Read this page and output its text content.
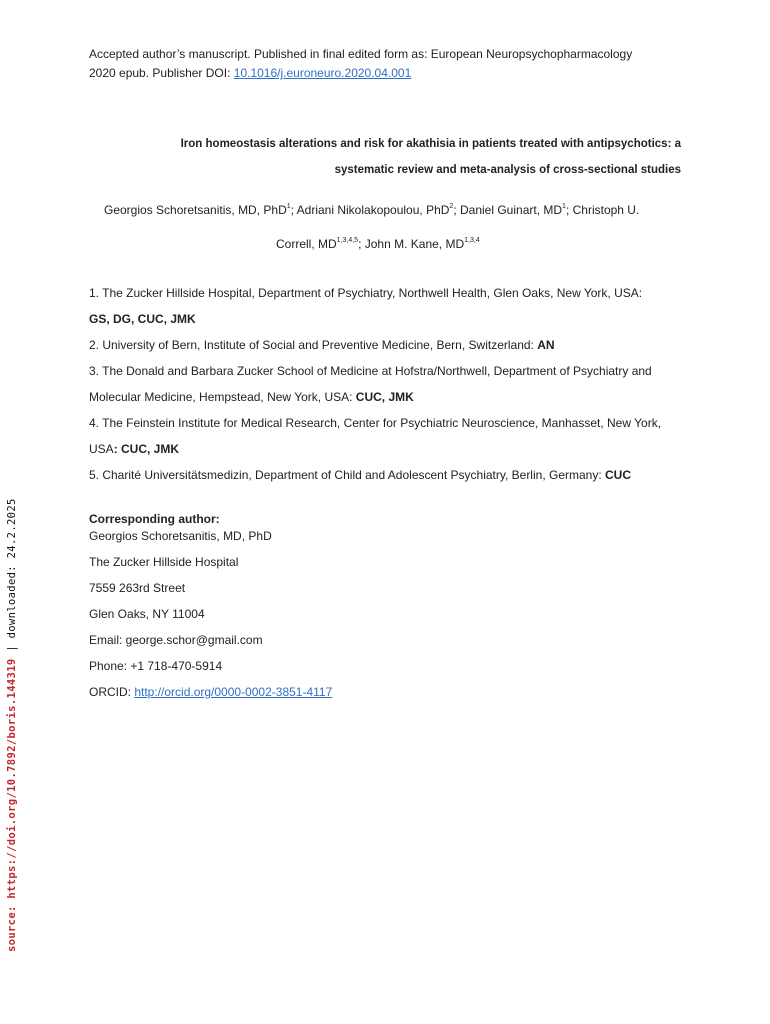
Accepted author’s manuscript. Published in final edited form as: European Neuropsychopharmacology
2020 epub. Publisher DOI: 10.1016/j.euroneuro.2020.04.001
Iron homeostasis alterations and risk for akathisia in patients treated with antipsychotics: a
systematic review and meta-analysis of cross-sectional studies
Georgios Schoretsanitis, MD, PhD$^1$; Adriani Nikolakopoulou, PhD$^2$; Daniel Guinart, $MD^1$; Christoph U.
Correll, MD$^{1,3,4,5}$; John M. Kane, MD$^{1,3,4}$
1. The Zucker Hillside Hospital, Department of Psychiatry, Northwell Health, Glen Oaks, New York, USA:
GS, DG, CUC, JMK
2. University of Bern, Institute of Social and Preventive Medicine, Bern, Switzerland: AN
3. The Donald and Barbara Zucker School of Medicine at Hofstra/Northwell, Department of Psychiatry and
Molecular Medicine, Hempstead, New York, USA: CUC, JMK
4. The Feinstein Institute for Medical Research, Center for Psychiatric Neuroscience, Manhasset, New York,
USA: CUC, JMK
5. Charité Universitätsmedizin, Department of Child and Adolescent Psychiatry, Berlin, Germany: CUC
Corresponding author:
Georgios Schoretsanitis, MD, PhD
The Zucker Hillside Hospital
7559 263rd Street
Glen Oaks, NY 11004
Email: george.schor@gmail.com
Phone: +1 718-470-5914
ORCID: http://orcid.org/0000-0002-3851-4117
source: https://doi.org/10.7892/boris.144319 | downloaded: 24.2.2025
